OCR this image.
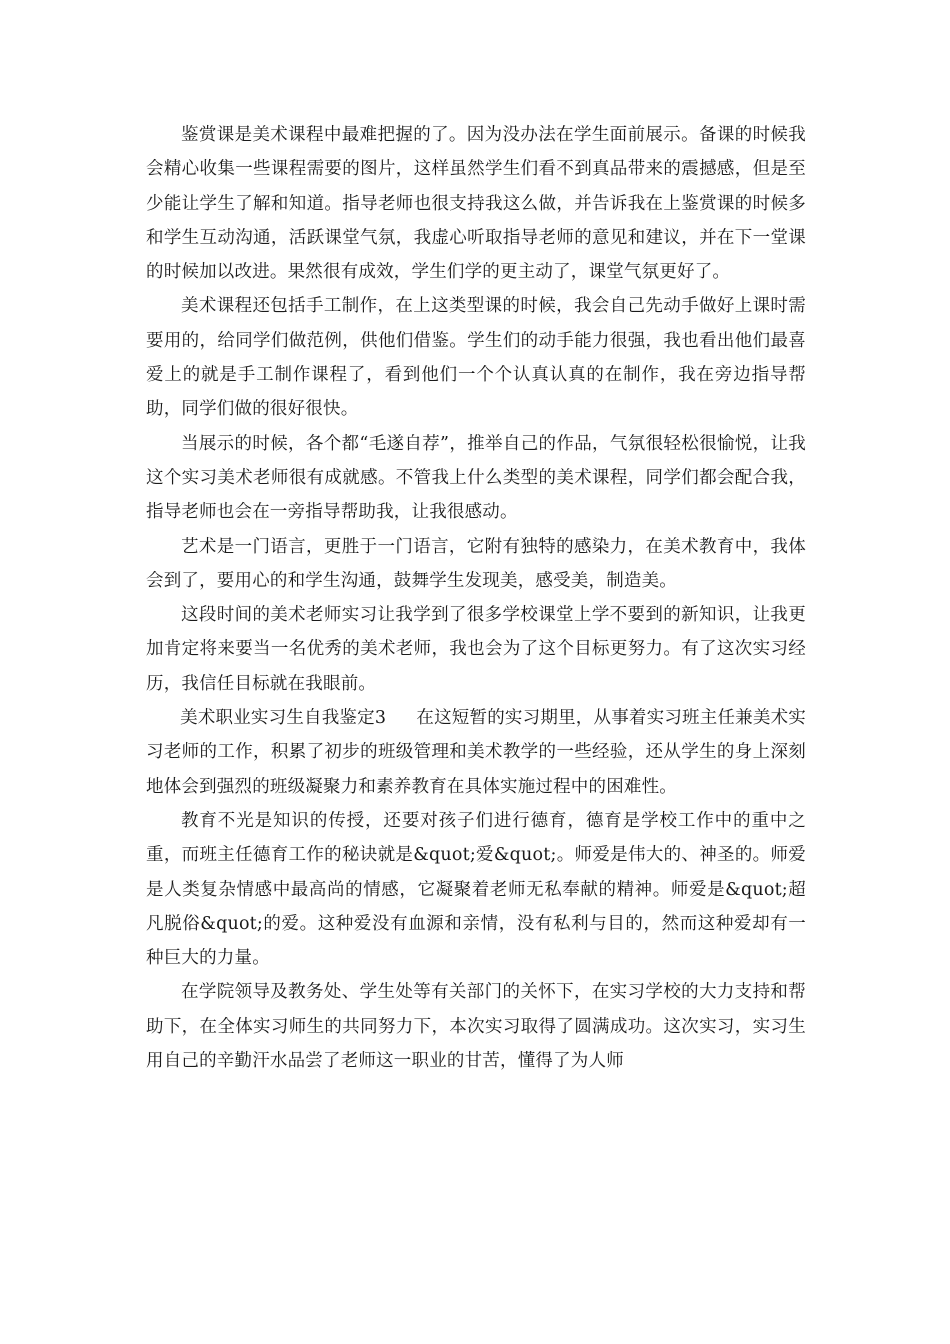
鉴赏课是美术课程中最难把握的了。因为没办法在学生面前展示。备课的时候我会精心收集一些课程需要的图片，这样虽然学生们看不到真品带来的震撼感，但是至少能让学生了解和知道。指导老师也很支持我这么做，并告诉我在上鉴赏课的时候多和学生互动沟通，活跃课堂气氛，我虚心听取指导老师的意见和建议，并在下一堂课的时候加以改进。果然很有成效，学生们学的更主动了，课堂气氛更好了。

美术课程还包括手工制作，在上这类型课的时候，我会自己先动手做好上课时需要用的，给同学们做范例，供他们借鉴。学生们的动手能力很强，我也看出他们最喜爱上的就是手工制作课程了，看到他们一个个认真认真的在制作，我在旁边指导帮助，同学们做的很好很快。

当展示的时候，各个都“毛遂自荐”，推举自己的作品，气氛很轻松很愉悦，让我这个实习美术老师很有成就感。不管我上什么类型的美术课程，同学们都会配合我，指导老师也会在一旁指导帮助我，让我很感动。

艺术是一门语言，更胜于一门语言，它附有独特的感染力，在美术教育中，我体会到了，要用心的和学生沟通，鼓舞学生发现美，感受美，制造美。

这段时间的美术老师实习让我学到了很多学校课堂上学不要到的新知识，让我更加肯定将来要当一名优秀的美术老师，我也会为了这个目标更努力。有了这次实习经历，我信任目标就在我眼前。

美术职业实习生自我鉴定3 在这短暂的实习期里，从事着实习班主任兼美术实习老师的工作，积累了初步的班级管理和美术教学的一些经验，还从学生的身上深刻地体会到强烈的班级凝聚力和素养教育在具体实施过程中的困难性。

教育不光是知识的传授，还要对孩子们进行德育，德育是学校工作中的重中之重，而班主任德育工作的秘诀就是&quot;爱&quot;。师爱是伟大的、神圣的。师爱是人类复杂情感中最高尚的情感，它凝聚着老师无私奉献的精神。师爱是&quot;超凡脱俗&quot;的爱。这种爱没有血源和亲情，没有私利与目的，然而这种爱却有一种巨大的力量。

在学院领导及教务处、学生处等有关部门的关怀下，在实习学校的大力支持和帮助下，在全体实习师生的共同努力下，本次实习取得了圆满成功。这次实习，实习生用自己的辛勤汗水品尝了老师这一职业的甘苦，懂得了为人师
